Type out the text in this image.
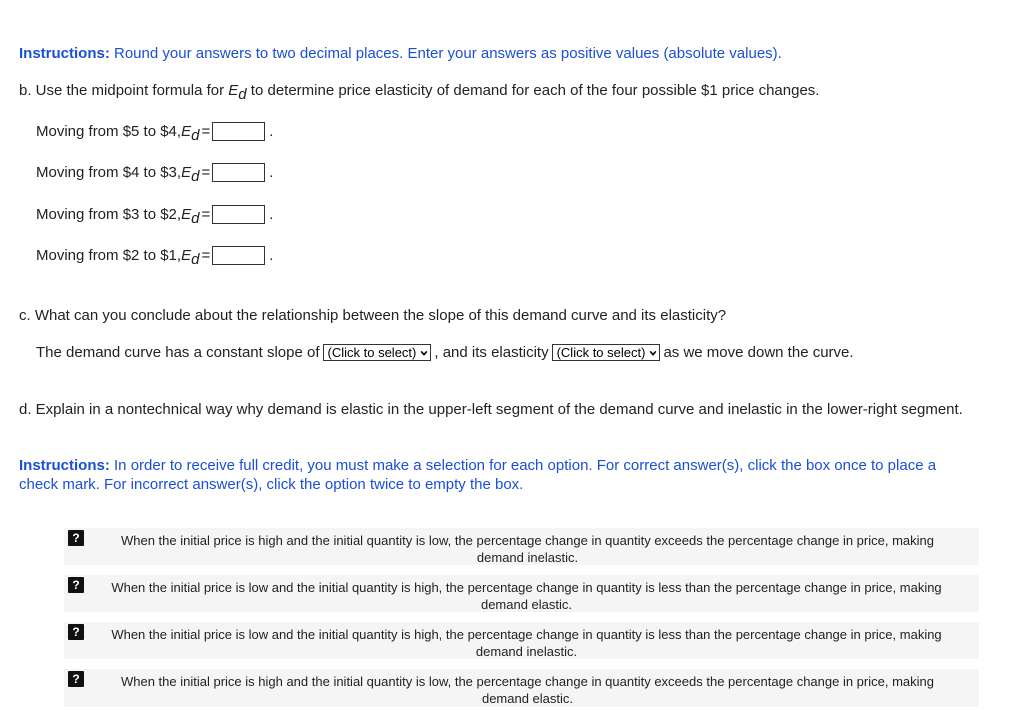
Instructions: Round your answers to two decimal places. Enter your answers as positive values (absolute values).
b. Use the midpoint formula for Ed to determine price elasticity of demand for each of the four possible $1 price changes.
Moving from $5 to $4, E d =	.
Moving from $4 to $3, E d =	.
Moving from $3 to $2, E d =	.
Moving from $2 to $1, E d =	.
c. What can you conclude about the relationship between the slope of this demand curve and its elasticity?
The demand curve has a constant slope of (Click to select) , and its elasticity (Click to select) as we move down the curve.
d. Explain in a nontechnical way why demand is elastic in the upper-left segment of the demand curve and inelastic in the lower-right segment.
Instructions: In order to receive full credit, you must make a selection for each option. For correct answer(s), click the box once to place a check mark. For incorrect answer(s), click the option twice to empty the box.
When the initial price is high and the initial quantity is low, the percentage change in quantity exceeds the percentage change in price, making demand inelastic.
?
When the initial price is low and the initial quantity is high, the percentage change in quantity is less than the percentage change in price, making demand elastic.
?
When the initial price is low and the initial quantity is high, the percentage change in quantity is less than the percentage change in price, making demand inelastic.
?
When the initial price is high and the initial quantity is low, the percentage change in quantity exceeds the percentage change in price, making demand elastic.
?
